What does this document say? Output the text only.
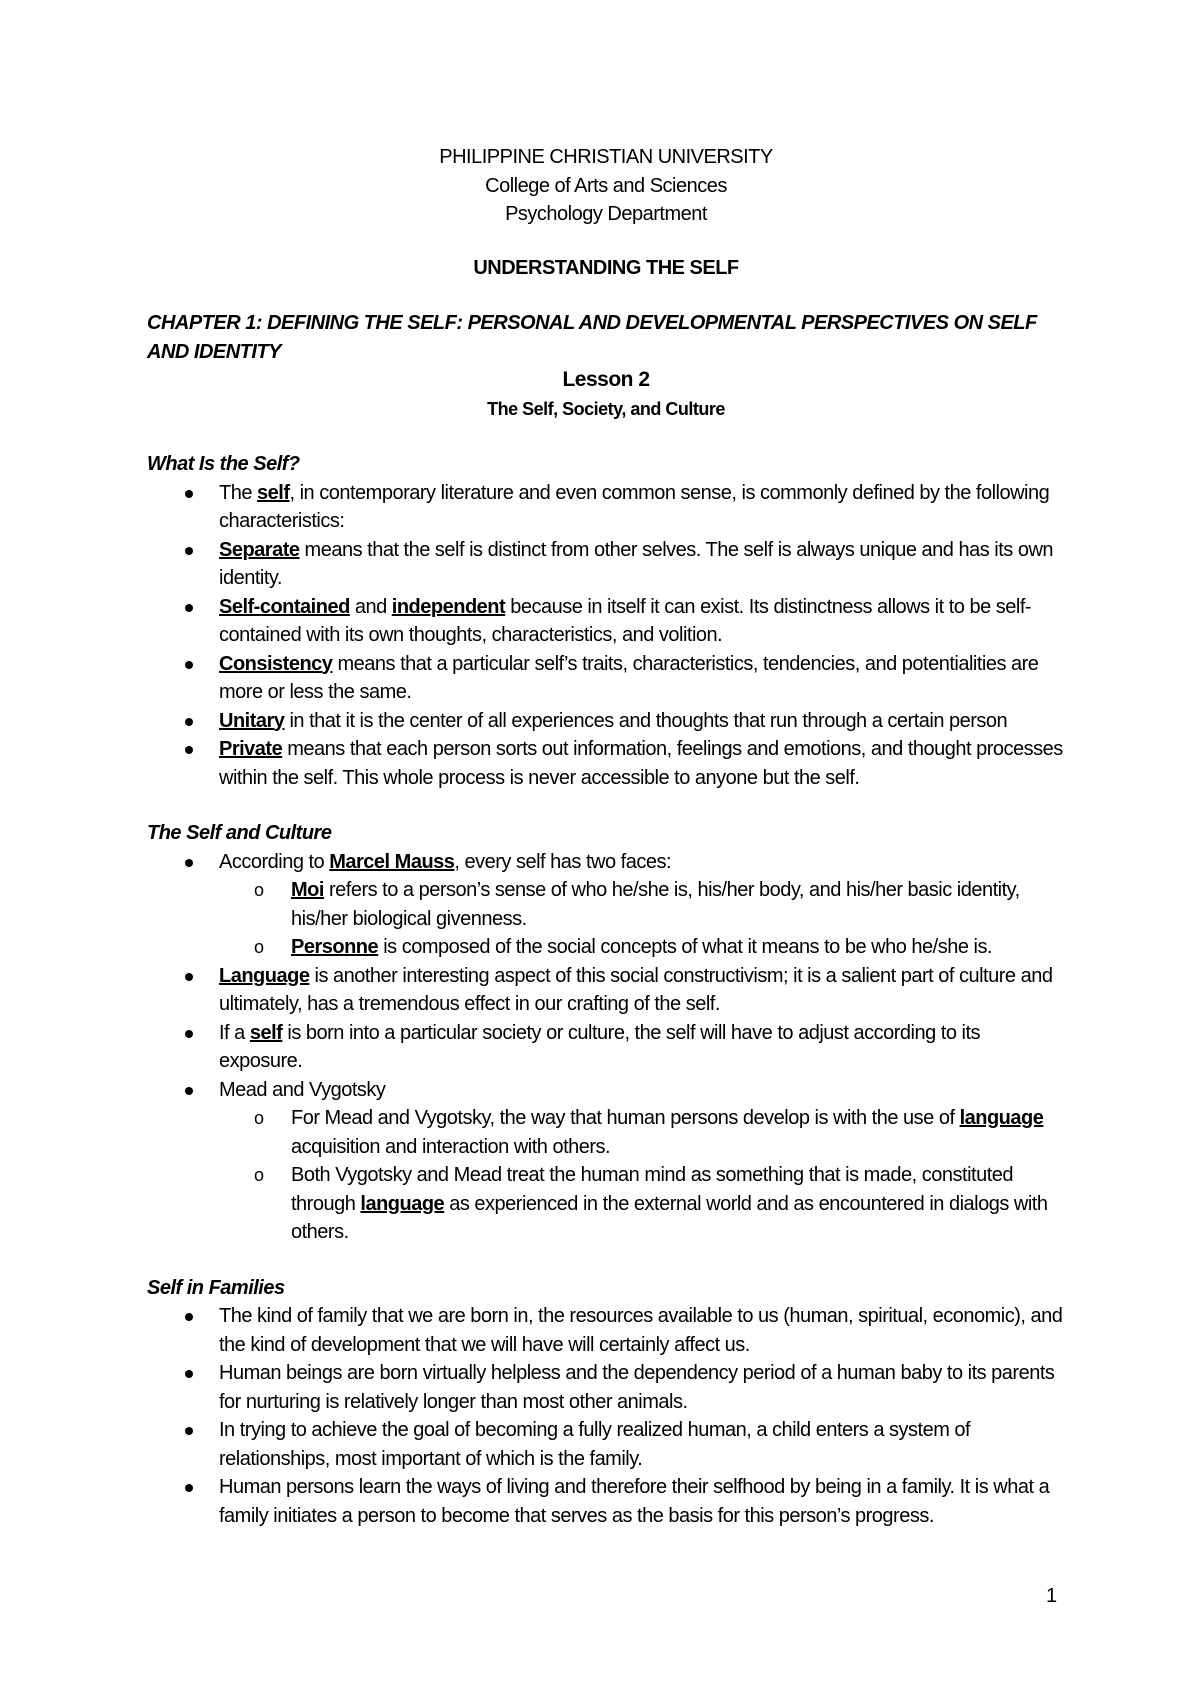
PHILIPPINE CHRISTIAN UNIVERSITY
College of Arts and Sciences
Psychology Department
UNDERSTANDING THE SELF
CHAPTER 1: DEFINING THE SELF: PERSONAL AND DEVELOPMENTAL PERSPECTIVES ON SELF AND IDENTITY
Lesson 2
The Self, Society, and Culture
What Is the Self?
The self, in contemporary literature and even common sense, is commonly defined by the following characteristics:
Separate means that the self is distinct from other selves. The self is always unique and has its own identity.
Self-contained and independent because in itself it can exist. Its distinctness allows it to be self-contained with its own thoughts, characteristics, and volition.
Consistency means that a particular self’s traits, characteristics, tendencies, and potentialities are more or less the same.
Unitary in that it is the center of all experiences and thoughts that run through a certain person
Private means that each person sorts out information, feelings and emotions, and thought processes within the self. This whole process is never accessible to anyone but the self.
The Self and Culture
According to Marcel Mauss, every self has two faces:
o Moi refers to a person’s sense of who he/she is, his/her body, and his/her basic identity, his/her biological givenness.
o Personne is composed of the social concepts of what it means to be who he/she is.
Language is another interesting aspect of this social constructivism; it is a salient part of culture and ultimately, has a tremendous effect in our crafting of the self.
If a self is born into a particular society or culture, the self will have to adjust according to its exposure.
Mead and Vygotsky
o For Mead and Vygotsky, the way that human persons develop is with the use of language acquisition and interaction with others.
o Both Vygotsky and Mead treat the human mind as something that is made, constituted through language as experienced in the external world and as encountered in dialogs with others.
Self in Families
The kind of family that we are born in, the resources available to us (human, spiritual, economic), and the kind of development that we will have will certainly affect us.
Human beings are born virtually helpless and the dependency period of a human baby to its parents for nurturing is relatively longer than most other animals.
In trying to achieve the goal of becoming a fully realized human, a child enters a system of relationships, most important of which is the family.
Human persons learn the ways of living and therefore their selfhood by being in a family. It is what a family initiates a person to become that serves as the basis for this person’s progress.
1
